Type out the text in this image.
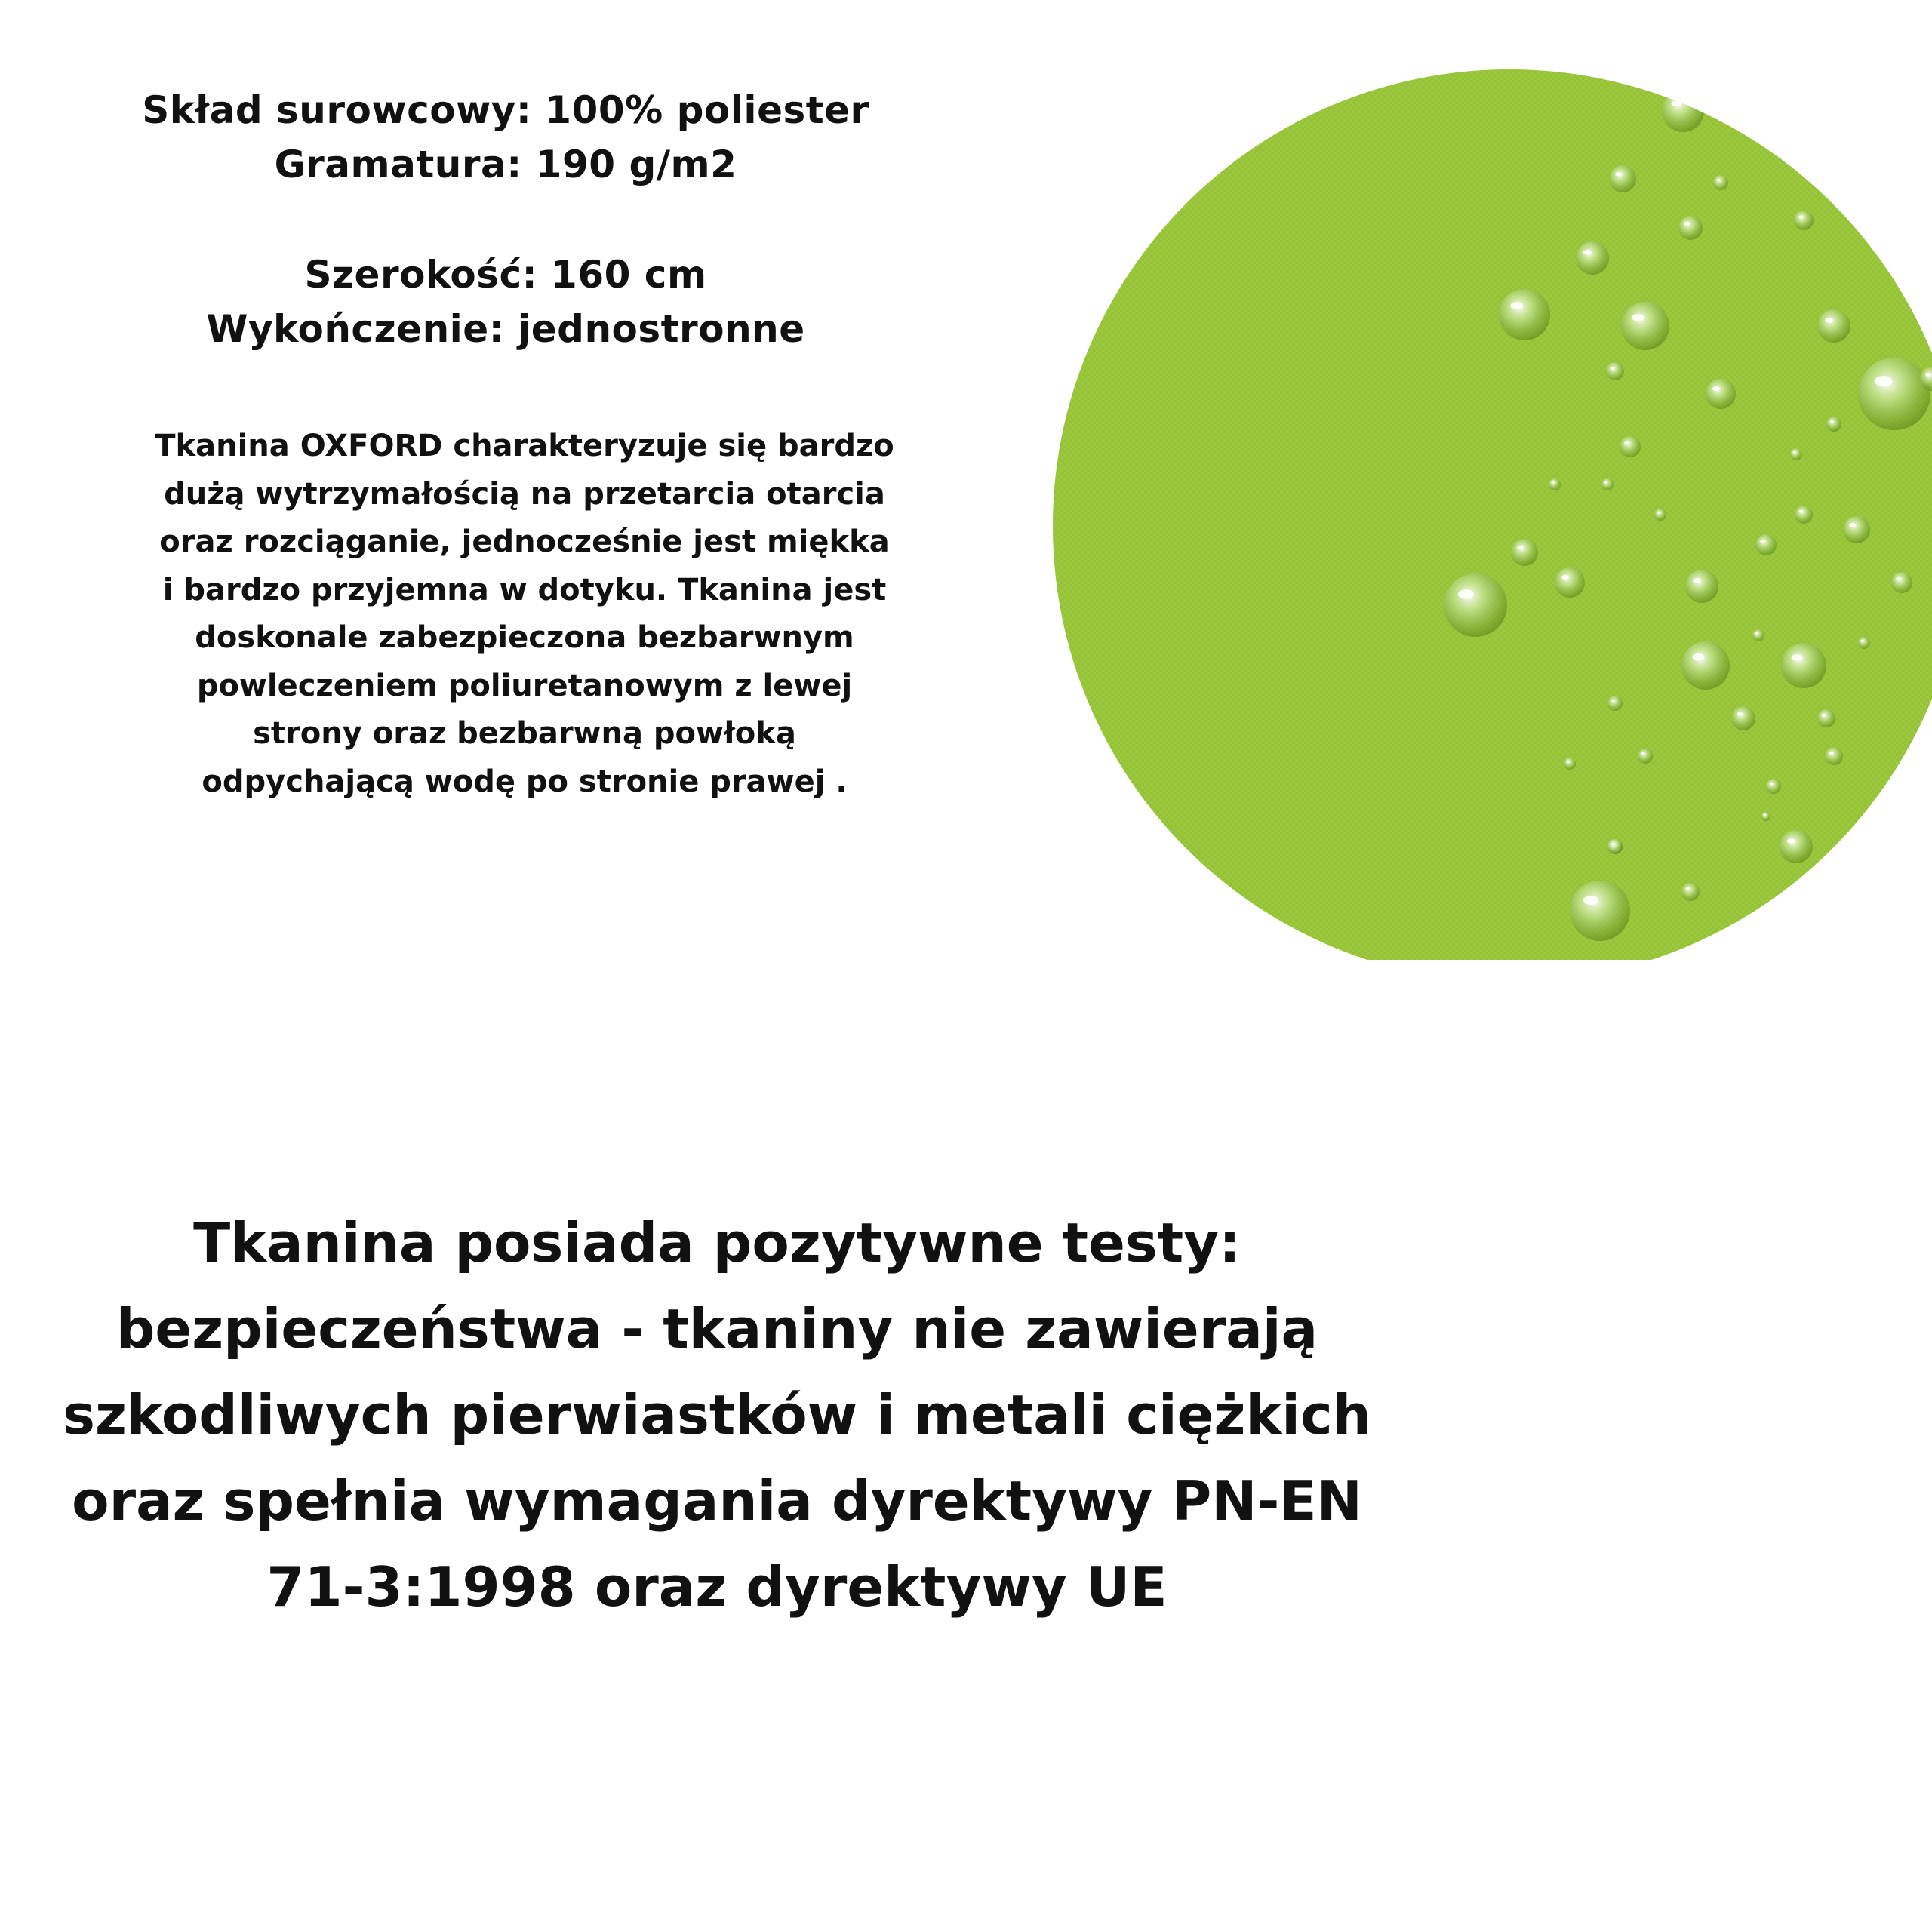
Skład surowcowy: 100% poliester
Gramatura: 190 g/m2
Szerokość: 160 cm
Wykończenie: jednostronne
Tkanina OXFORD charakteryzuje się bardzo
dużą wytrzymałością na przetarcia otarcia
oraz rozciąganie, jednocześnie jest miękka
i bardzo przyjemna w dotyku. Tkanina jest
doskonale zabezpieczona bezbarwnym
powleczeniem poliuretanowym z lewej
strony oraz bezbarwną powłoką
odpychającą wodę po stronie prawej .
Tkanina posiada pozytywne testy:
bezpieczeństwa - tkaniny nie zawierają
szkodliwych pierwiastków i metali ciężkich
oraz spełnia wymagania dyrektywy PN-EN
71-3:1998 oraz dyrektywy UE
